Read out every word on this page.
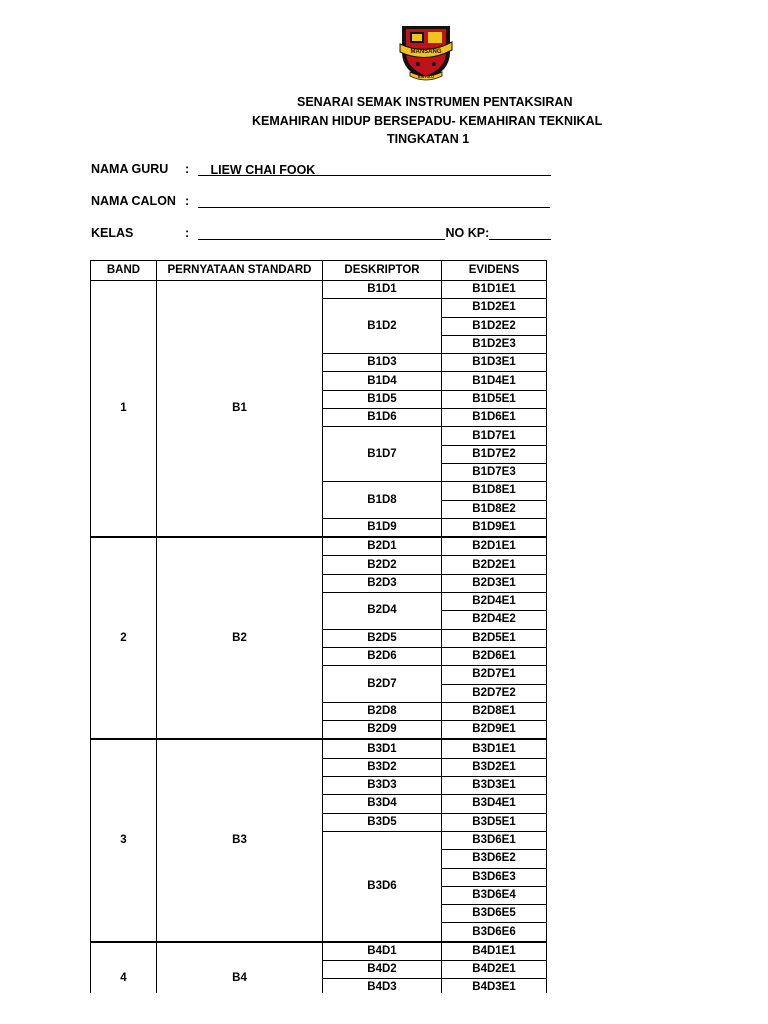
MANSANG
BINTULU
SENARAI SEMAK INSTRUMEN PENTAKSIRAN
KEMAHIRAN HIDUP BERSEPADU- KEMAHIRAN TEKNIKAL
TINGKATAN 1
NAMA GURU : LIEW CHAI FOOK
NAMA CALON :
KELAS	:	NO KP:
BAND	PERNYATAAN STANDARD	DESKRIPTOR	EVIDENS
1	B1	B1D1	B1D1E1
		B1D2	B1D2E1
			B1D2E2
			B1D2E3
		B1D3	B1D3E1
		B1D4	B1D4E1
		B1D5	B1D5E1
		B1D6	B1D6E1
		B1D7	B1D7E1
			B1D7E2
			B1D7E3
		B1D8	B1D8E1
			B1D8E2
		B1D9	B1D9E1
2	B2	B2D1	B2D1E1
		B2D2	B2D2E1
		B2D3	B2D3E1
		B2D4	B2D4E1
			B2D4E2
		B2D5	B2D5E1
		B2D6	B2D6E1
		B2D7	B2D7E1
			B2D7E2
		B2D8	B2D8E1
		B2D9	B2D9E1
3	B3	B3D1	B3D1E1
		B3D2	B3D2E1
		B3D3	B3D3E1
		B3D4	B3D4E1
		B3D5	B3D5E1
		B3D6	B3D6E1
			B3D6E2
			B3D6E3
			B3D6E4
			B3D6E5
			B3D6E6
4	B4	B4D1	B4D1E1
		B4D2	B4D2E1
		B4D3	B4D3E1
